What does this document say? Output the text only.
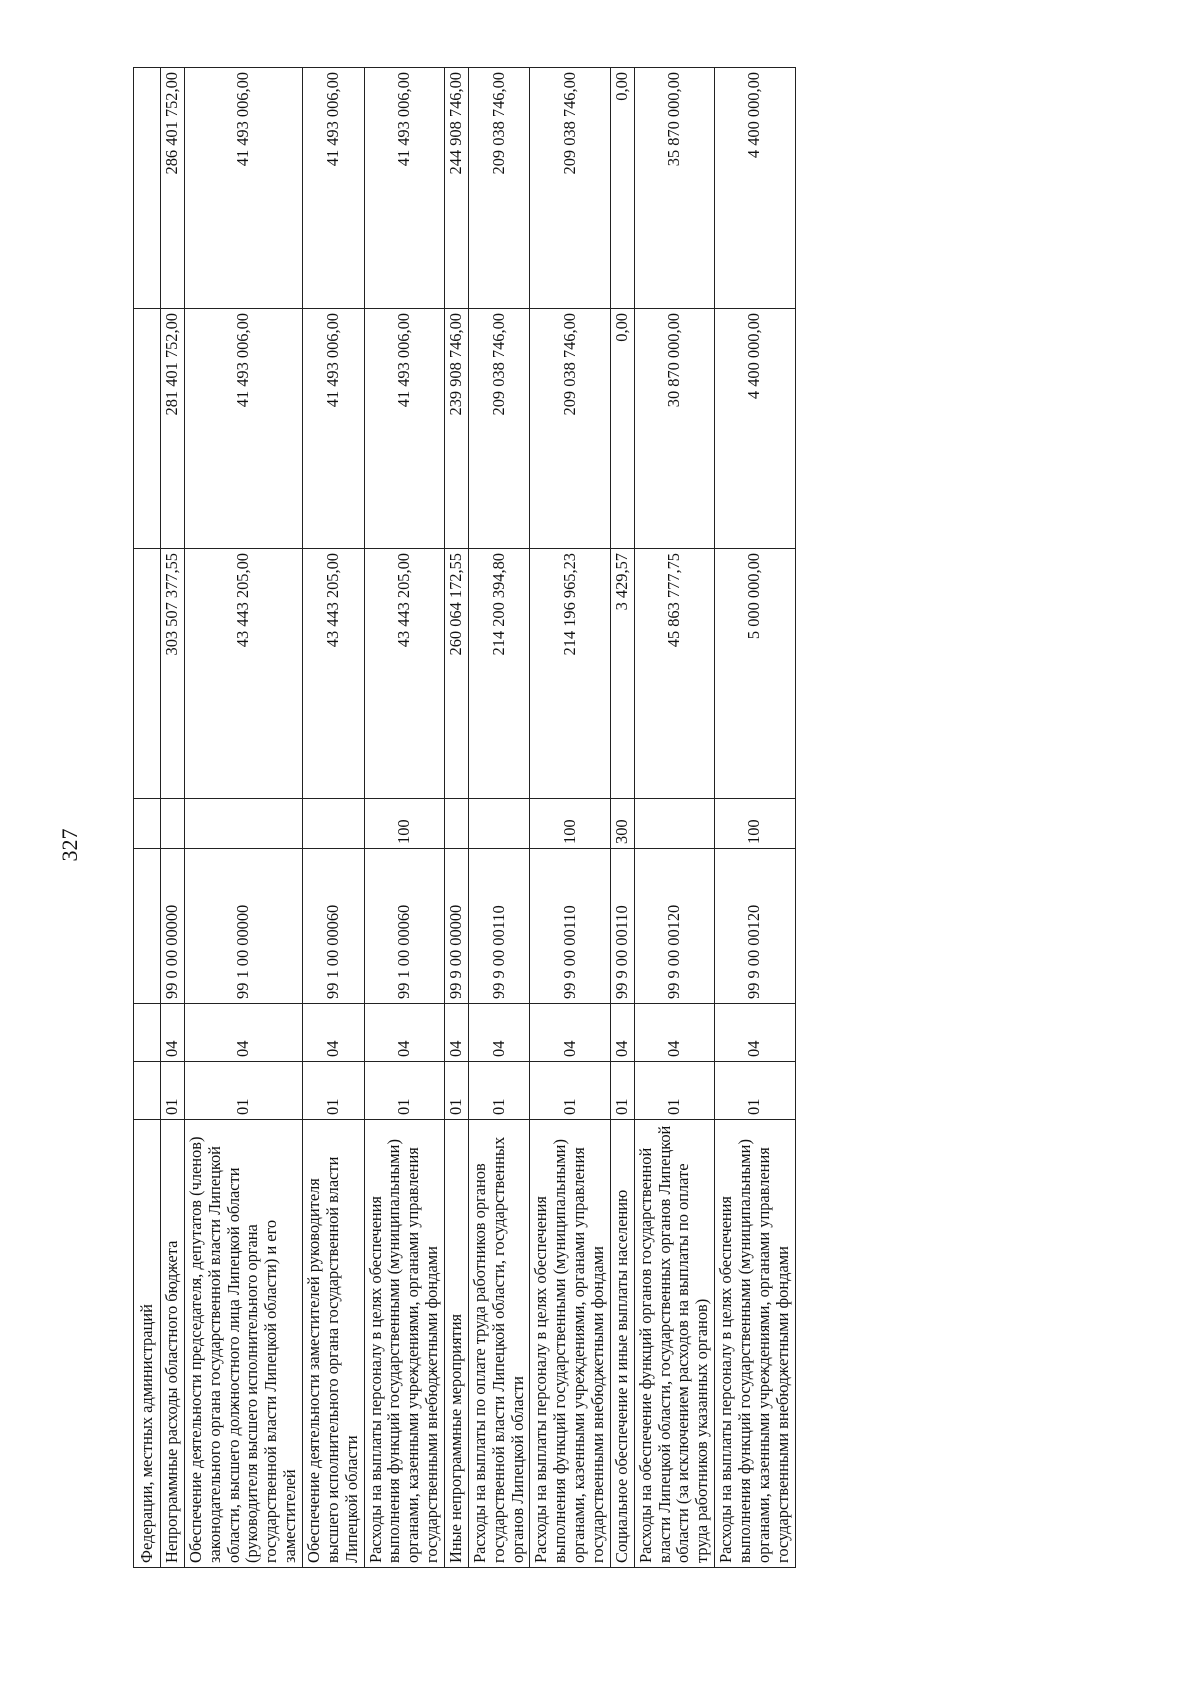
327
Федерации, местных администраций							
Непрограммные расходы областного бюджета	01	04	99 0 00 00000		303 507 377,55	281 401 752,00	286 401 752,00
Обеспечение деятельности председателя, депутатов (членов) законодательного органа государственной власти Липецкой области, высшего должностного лица Липецкой области (руководителя высшего исполнительного органа государственной власти Липецкой области) и его заместителей	01	04	99 1 00 00000		43 443 205,00	41 493 006,00	41 493 006,00
Обеспечение деятельности заместителей руководителя высшего исполнительного органа государственной власти Липецкой области	01	04	99 1 00 00060		43 443 205,00	41 493 006,00	41 493 006,00
Расходы на выплаты персоналу в целях обеспечения выполнения функций государственными (муниципальными) органами, казенными учреждениями, органами управления государственными внебюджетными фондами	01	04	99 1 00 00060	100	43 443 205,00	41 493 006,00	41 493 006,00
Иные непрограммные мероприятия	01	04	99 9 00 00000		260 064 172,55	239 908 746,00	244 908 746,00
Расходы на выплаты по оплате труда работников органов государственной власти Липецкой области, государственных органов Липецкой области	01	04	99 9 00 00110		214 200 394,80	209 038 746,00	209 038 746,00
Расходы на выплаты персоналу в целях обеспечения выполнения функций государственными (муниципальными) органами, казенными учреждениями, органами управления государственными внебюджетными фондами	01	04	99 9 00 00110	100	214 196 965,23	209 038 746,00	209 038 746,00
Социальное обеспечение и иные выплаты населению	01	04	99 9 00 00110	300	3 429,57	0,00	0,00
Расходы на обеспечение функций органов государственной власти Липецкой области, государственных органов Липецкой области (за исключением расходов на выплаты по оплате труда работников указанных органов)	01	04	99 9 00 00120		45 863 777,75	30 870 000,00	35 870 000,00
Расходы на выплаты персоналу в целях обеспечения выполнения функций государственными (муниципальными) органами, казенными учреждениями, органами управления государственными внебюджетными фондами	01	04	99 9 00 00120	100	5 000 000,00	4 400 000,00	4 400 000,00
